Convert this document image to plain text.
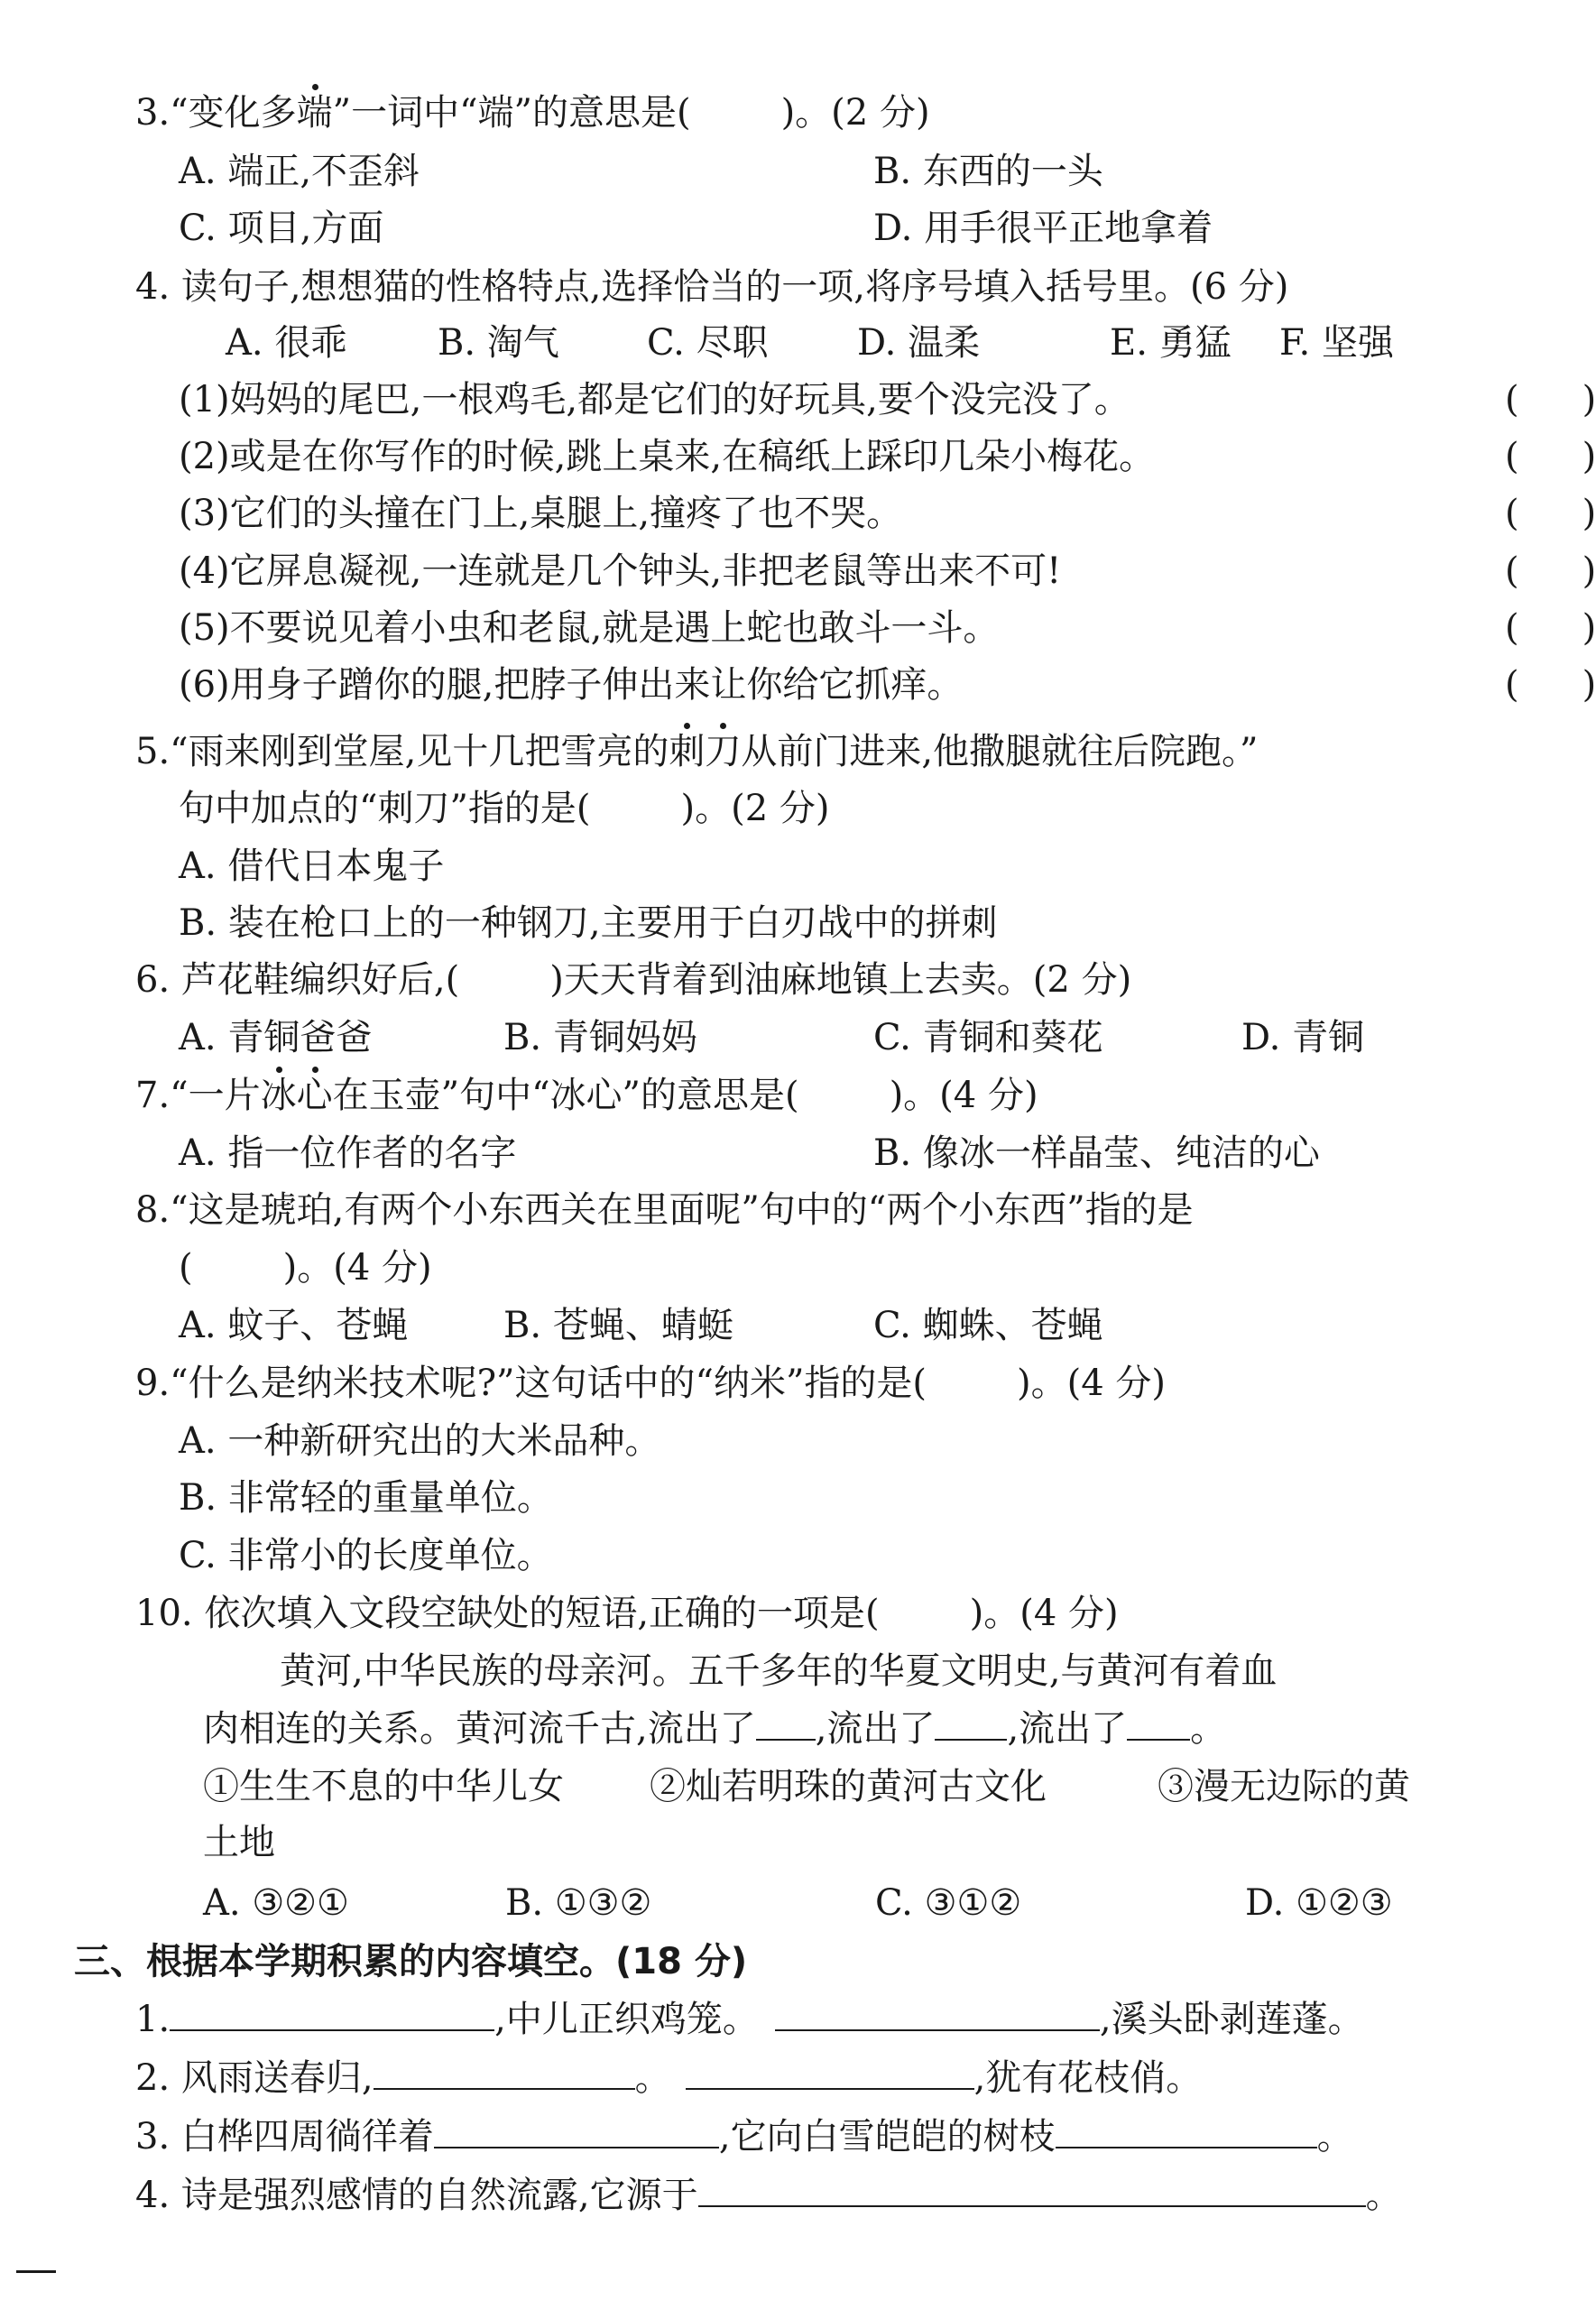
3.“变化多端”一词中“端”的意思是(	)。(2 分)
A. 端正,不歪斜	B. 东西的一头
C. 项目,方面	D. 用手很平正地拿着
4. 读句子,想想猫的性格特点,选择恰当的一项,将序号填入括号里。(6 分)
A. 很乖	B. 淘气 C. 尽职 D. 温柔	E. 勇猛 F. 坚强
(1)妈妈的尾巴,一根鸡毛,都是它们的好玩具,要个没完没了。	( )
(2)或是在你写作的时候,跳上桌来,在稿纸上踩印几朵小梅花。	( )
(3)它们的头撞在门上,桌腿上,撞疼了也不哭。	( )
(4)它屏息凝视,一连就是几个钟头,非把老鼠等出来不可!	( )
(5)不要说见着小虫和老鼠,就是遇上蛇也敢斗一斗。	( )
(6)用身子蹭你的腿,把脖子伸出来让你给它抓痒。	( )
5.“雨来刚到堂屋,见十几把雪亮的刺刀从前门进来,他撒腿就往后院跑。”
句中加点的“刺刀”指的是(	)。(2 分)
A. 借代日本鬼子
B. 装在枪口上的一种钢刀,主要用于白刃战中的拼刺
6. 芦花鞋编织好后,(	)天天背着到油麻地镇上去卖。(2 分)
A. 青铜爸爸	B. 青铜妈妈	C. 青铜和葵花	D. 青铜
7.“一片冰心在玉壶”句中“冰心”的意思是(	)。(4 分)
A. 指一位作者的名字	B. 像冰一样晶莹、纯洁的心
8.“这是琥珀,有两个小东西关在里面呢”句中的“两个小东西”指的是
(	)。(4 分)
A. 蚊子、苍蝇	B. 苍蝇、蜻蜓	C. 蜘蛛、苍蝇
9.“什么是纳米技术呢?”这句话中的“纳米”指的是(	)。(4 分)
A. 一种新研究出的大米品种。
B. 非常轻的重量单位。
C. 非常小的长度单位。
10. 依次填入文段空缺处的短语,正确的一项是(	)。(4 分)
黄河,中华民族的母亲河。五千多年的华夏文明史,与黄河有着血
肉相连的关系。黄河流千古,流出了 ,流出了 ,流出了 。
①生生不息的中华儿女 ②灿若明珠的黄河古文化	③漫无边际的黄
土地
A. ③②①	B. ①③②	C. ③①②	D. ①②③
三、根据本学期积累的内容填空。(18 分)
1.	,中儿正织鸡笼。	,溪头卧剥莲蓬。
2. 风雨送春归,	。	,犹有花枝俏。
3. 白桦四周徜徉着	,它向白雪皑皑的树枝	。
4. 诗是强烈感情的自然流露,它源于	。
